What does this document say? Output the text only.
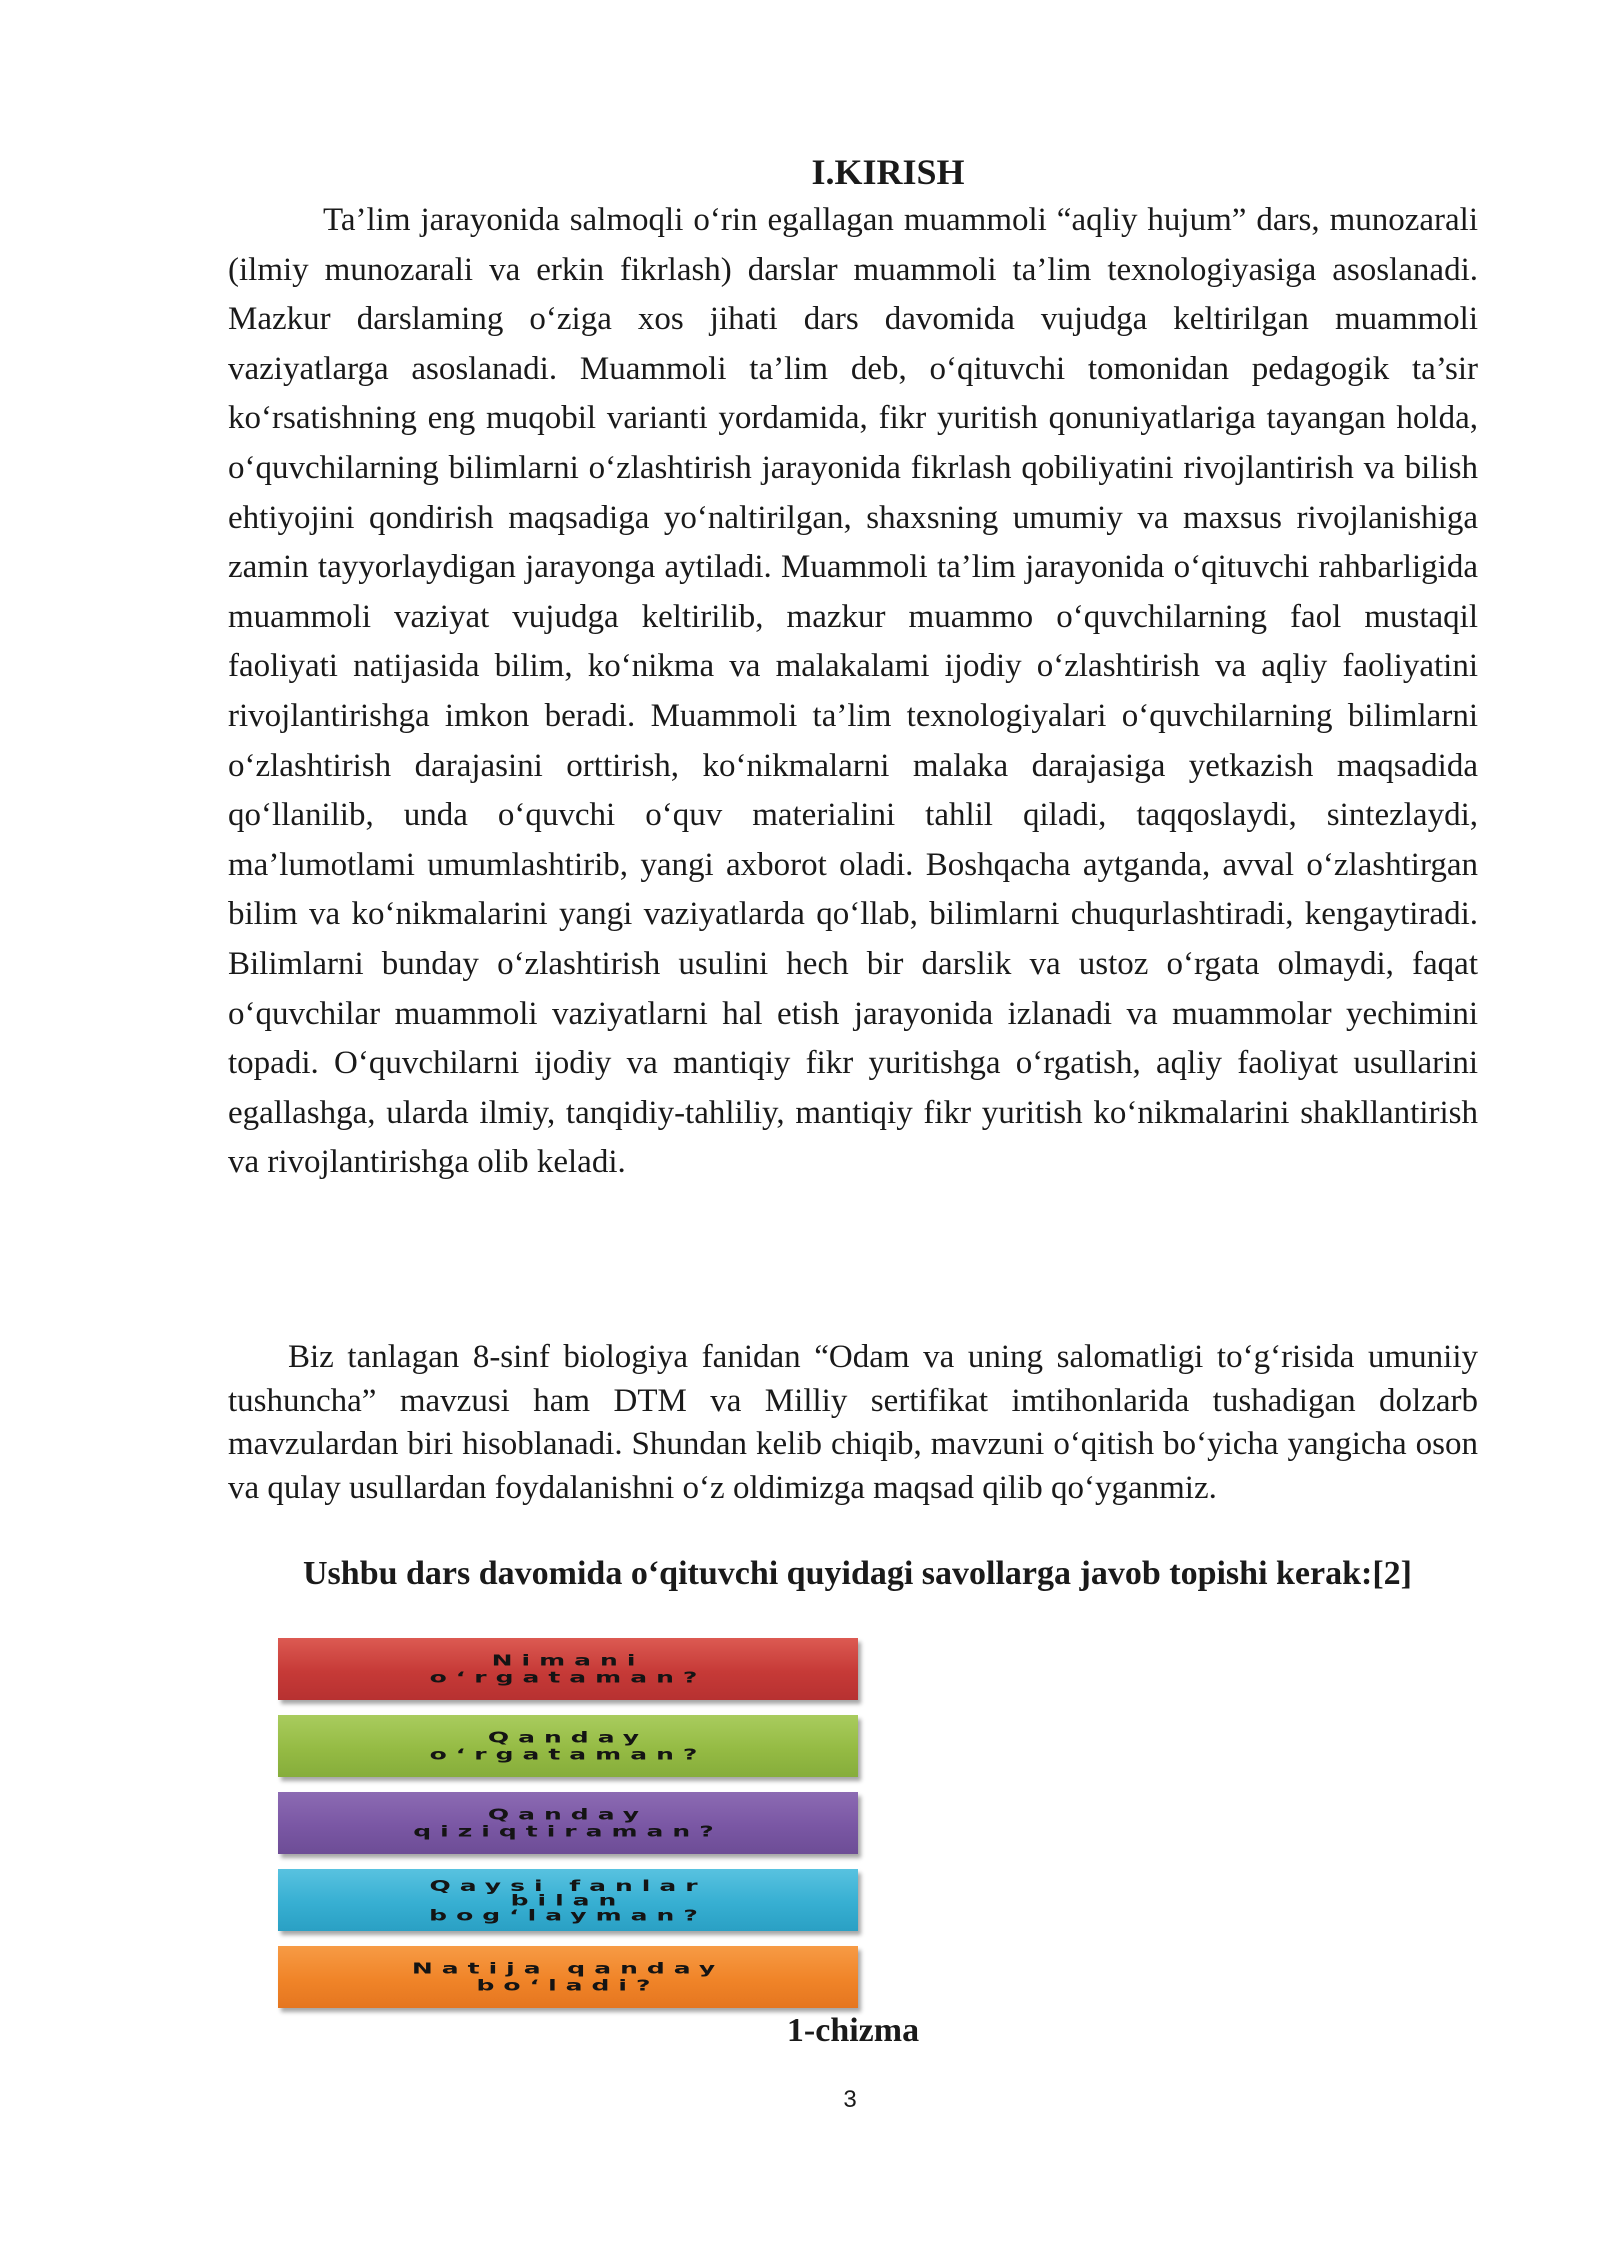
I.KIRISH
Ta’lim jarayonida salmoqli o‘rin egallagan muammoli “aqliy hujum” dars, munozarali (ilmiy munozarali va erkin fikrlash) darslar muammoli ta’lim texnologiyasiga asoslanadi. Mazkur darslaming o‘ziga xos jihati dars davomida vujudga keltirilgan muammoli vaziyatlarga asoslanadi. Muammoli ta’lim deb, o‘qituvchi tomonidan pedagogik ta’sir ko‘rsatishning eng muqobil varianti yordamida, fikr yuritish qonuniyatlariga tayangan holda, o‘quvchilarning bilimlarni o‘zlashtirish jarayonida fikrlash qobiliyatini rivojlantirish va bilish ehtiyojini qondirish maqsadiga yo‘naltirilgan, shaxsning umumiy va maxsus rivojlanishiga zamin tayyorlaydigan jarayonga aytiladi. Muammoli ta’lim jarayonida o‘qituvchi rahbarligida muammoli vaziyat vujudga keltirilib, mazkur muammo o‘quvchilarning faol mustaqil faoliyati natijasida bilim, ko‘nikma va malakalami ijodiy o‘zlashtirish va aqliy faoliyatini rivojlantirishga imkon beradi. Muammoli ta’lim texnologiyalari o‘quvchilarning bilimlarni o‘zlashtirish darajasini orttirish, ko‘nikmalarni malaka darajasiga yetkazish maqsadida qo‘llanilib, unda o‘quvchi o‘quv materialini tahlil qiladi, taqqoslaydi, sintezlaydi, ma’lumotlami umumlashtirib, yangi axborot oladi. Boshqacha aytganda, avval o‘zlashtirgan bilim va ko‘nikmalarini yangi vaziyatlarda qo‘llab, bilimlarni chuqurlashtiradi, kengaytiradi. Bilimlarni bunday o‘zlashtirish usulini hech bir darslik va ustoz o‘rgata olmaydi, faqat o‘quvchilar muammoli vaziyatlarni hal etish jarayonida izlanadi va muammolar yechimini topadi. O‘quvchilarni ijodiy va mantiqiy fikr yuritishga o‘rgatish, aqliy faoliyat usullarini egallashga, ularda ilmiy, tanqidiy-tahliliy, mantiqiy fikr yuritish ko‘nikmalarini shakllantirish va rivojlantirishga olib keladi.
Biz tanlagan 8-sinf biologiya fanidan “Odam va uning salomatligi to‘g‘risida umuniiy tushuncha” mavzusi ham DTM va Milliy sertifikat imtihonlarida tushadigan dolzarb mavzulardan biri hisoblanadi. Shundan kelib chiqib, mavzuni o‘qitish bo‘yicha yangicha oson va qulay usullardan foydalanishni o‘z oldimizga maqsad qilib qo‘yganmiz.
Ushbu dars davomida o‘qituvchi quyidagi savollarga javob topishi kerak:[2]
Nimani
o‘rgataman?
Qanday
o‘rgataman?
Qanday
qiziqtiraman?
Qaysi fanlar
bilan
bog‘layman?
Natija qanday
bo‘ladi?
1-chizma
3
